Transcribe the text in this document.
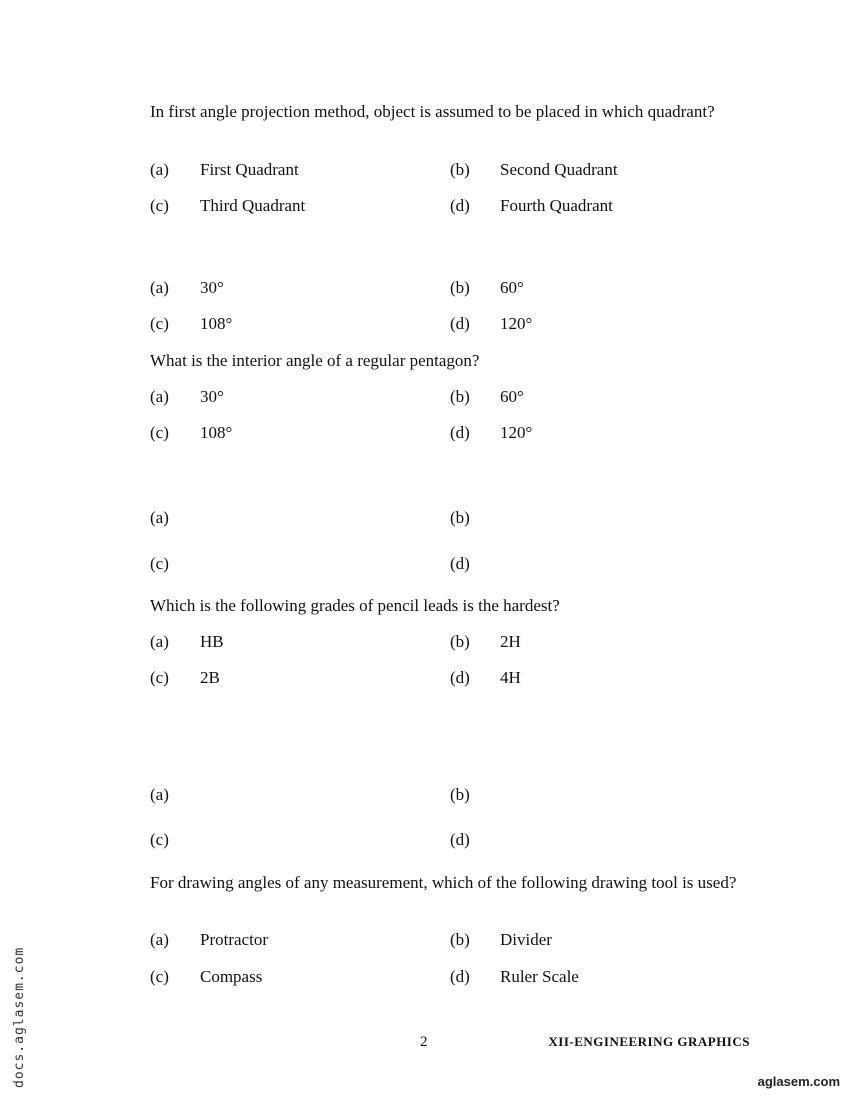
In first angle projection method, object is assumed to be placed in which quadrant?
(a) First Quadrant	(b) Second Quadrant
(c) Third Quadrant	(d) Fourth Quadrant
(a) 30°	(b) 60°
(c) 108°	(d) 120°
What is the interior angle of a regular pentagon?
(a) 30°	(b) 60°
(c) 108°	(d) 120°
(a)	(b)
(c)	(d)
Which is the following grades of pencil leads is the hardest?
(a) HB	(b) 2H
(c) 2B	(d) 4H
(a)	(b)
(c)	(d)
For drawing angles of any measurement, which of the following drawing tool is used?
(a) Protractor	(b) Divider
(c) Compass	(d) Ruler Scale
2	XII-ENGINEERING GRAPHICS
docs.aglasem.com	aglasem.com
